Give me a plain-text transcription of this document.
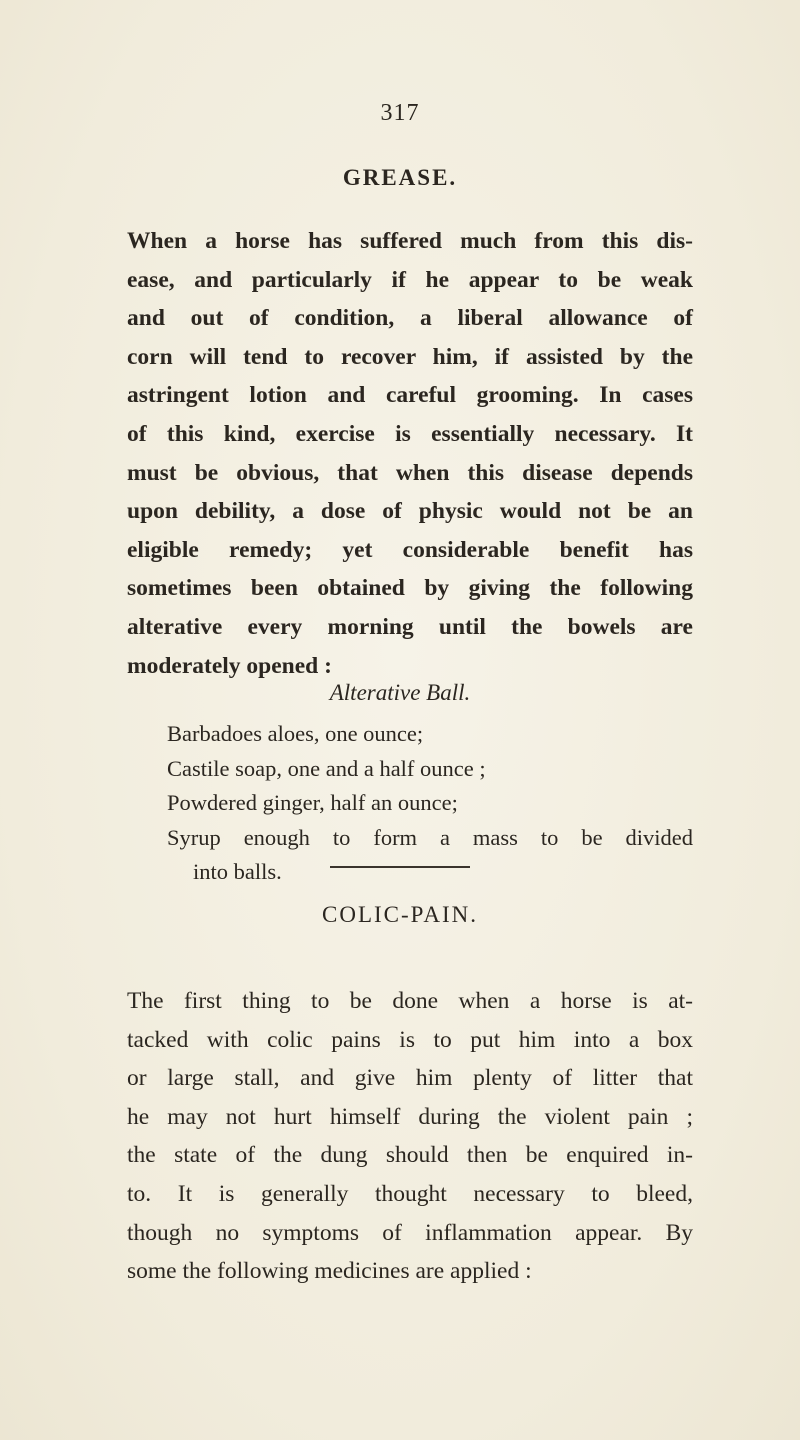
317
GREASE.
When a horse has suffered much from this dis-
ease, and particularly if he appear to be weak
and out of condition, a liberal allowance of
corn will tend to recover him, if assisted by the
astringent lotion and careful grooming. In cases
of this kind, exercise is essentially necessary. It
must be obvious, that when this disease depends
upon debility, a dose of physic would not be an
eligible remedy; yet considerable benefit has
sometimes been obtained by giving the following
alterative every morning until the bowels are
moderately opened :
Alterative Ball.
Barbadoes aloes, one ounce;
Castile soap, one and a half ounce ;
Powdered ginger, half an ounce;
Syrup enough to form a mass to be divided
into balls.
COLIC-PAIN.
The first thing to be done when a horse is at-
tacked with colic pains is to put him into a box
or large stall, and give him plenty of litter that
he may not hurt himself during the violent pain ;
the state of the dung should then be enquired in-
to. It is generally thought necessary to bleed,
though no symptoms of inflammation appear. By
some the following medicines are applied :
